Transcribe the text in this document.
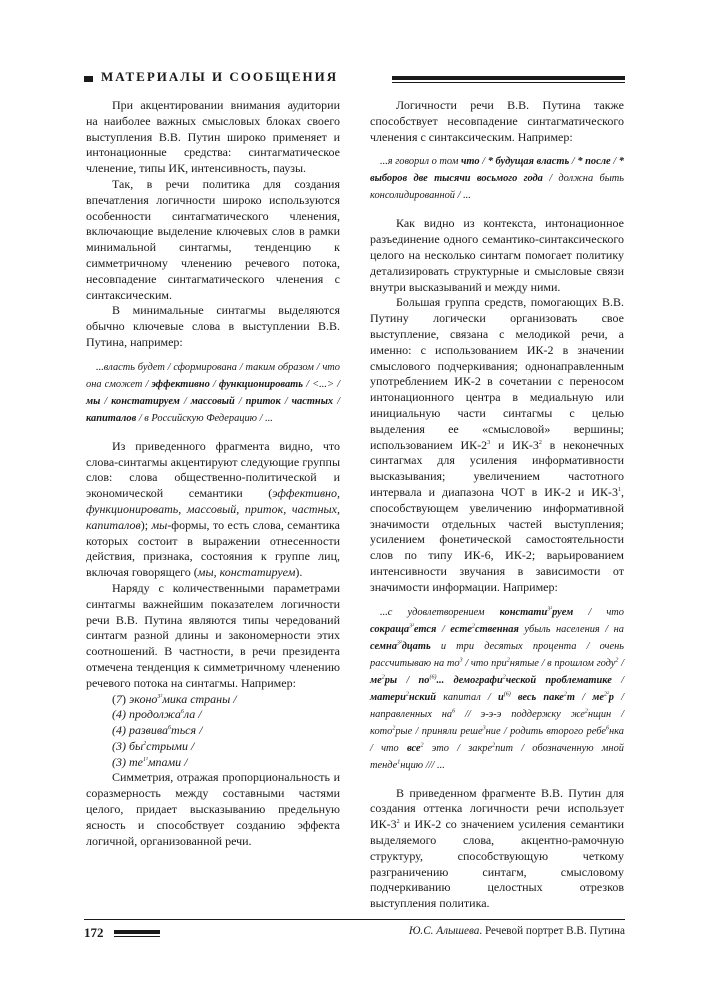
МАТЕРИАЛЫ И СООБЩЕНИЯ

При акцентировании внимания аудитории на наиболее важных смысловых блоках своего выступления В.В. Путин широко применяет и интонационные средства: синтагматическое членение, типы ИК, интенсивность, паузы.

Так, в речи политика для создания впечатления логичности широко используются особенности синтагматического членения, включающие выделение ключевых слов в рамки минимальной синтагмы, тенденцию к симметричному членению речевого потока, несовпадение синтагматического членения с синтаксическим.

В минимальные синтагмы выделяются обычно ключевые слова в выступлении В.В. Путина, например:

...власть будет / сформирована / таким образом / что она сможет / эффективно / функционировать / <...> / мы / констатируем / массовый / приток / частных / капиталов / в Российскую Федерацию / ...

Из приведенного фрагмента видно, что слова-синтагмы акцентируют следующие группы слов: слова общественно-политической и экономической семантики (эффективно, функционировать, массовый, приток, частных, капиталов); мы-формы, то есть слова, семантика которых состоит в выражении отнесенности действия, признака, состояния к группе лиц, включая говорящего (мы, констатируем).

Наряду с количественными параметрами синтагмы важнейшим показателем логичности речи В.В. Путина являются типы чередований синтагм разной длины и закономерности этих соотношений. В частности, в речи президента отмечена тенденция к симметричному членению речевого потока на синтагмы. Например:

(7) эконо$^{3^2}$мика страны /
(4) продолжа$^6$ла /
(4) развива$^6$ться /
(3) $бы^2стрыми$ /
(3) $те^{1^2}мпами$ /

Симметрия, отражая пропорциональность и соразмерность между составными частями целого, придает высказыванию предельную ясность и способствует созданию эффекта логичной, организованной речи.

Логичности речи В.В. Путина также способствует несовпадение синтагматического членения с синтаксическим. Например:

...я говорил о том что / * будущая власть / * после / * выборов две тысячи восьмого года / должна быть консолидированной / ...

Как видно из контекста, интонационное разъединение одного семантико-синтаксического целого на несколько синтагм помогает политику детализировать структурные и смысловые связи внутри высказываний и между ними.

Большая группа средств, помогающих В.В. Путину логически организовать свое выступление, связана с мелодикой речи, а именно: с использованием ИК-2 в значении смыслового подчеркивания; однонаправленным употреблением ИК-2 в сочетании с переносом интонационного центра в медиальную или инициальную части синтагмы с целью выделения ее «смысловой» вершины; использованием $ИК-2^3$ и $ИК-3^2$ в неконечных синтагмах для усиления информативности высказывания; увеличением частотного интервала и диапазона ЧОТ в ИК-2 и $ИК-3^1$, способствующем увеличению информативной значимости отдельных частей выступления; усилением фонетической самостоятельности слов по типу ИК-6, ИК-2; варьированием интенсивности звучания в зависимости от значимости информации. Например:

...с удовлетворением констати$^{3^2}$руем / что сокраща$^{3^2}$ется / есте$^2$ственная убыль населения / на семна$^{3^2}$дцать и три десятых процента / очень рассчитываю на $то^3$ / что при$^2$нятые / в прошлом году$^2$ / $ме^2ры / по^{(6)}$... демографи$^2$ческой проблематике / матери$^2$нский капитал / $и^{(6)}$ весь паке$^2$т / $ме^{2^2}р$ / направленных $на^6 // э-э-э$ поддержку $же^2нщин$ / кото$^2$рые / приняли реше$^3$ние / родить второго ребе$^6$нка / что все$^2$ это / закре$^2$пит / обозначенную мной тенде$^1$нцию /// ...

В приведенном фрагменте В.В. Путин для создания оттенка логичности речи использует $ИК-3^2$ и ИК-2 со значением усиления семантики выделяемого слова, акцентно-рамочную структуру, способствующую четкому разграничению синтагм, смысловому подчеркиванию целостных отрезков выступления политика.

172	Ю.С. Алышева. Речевой портрет В.В. Путина
